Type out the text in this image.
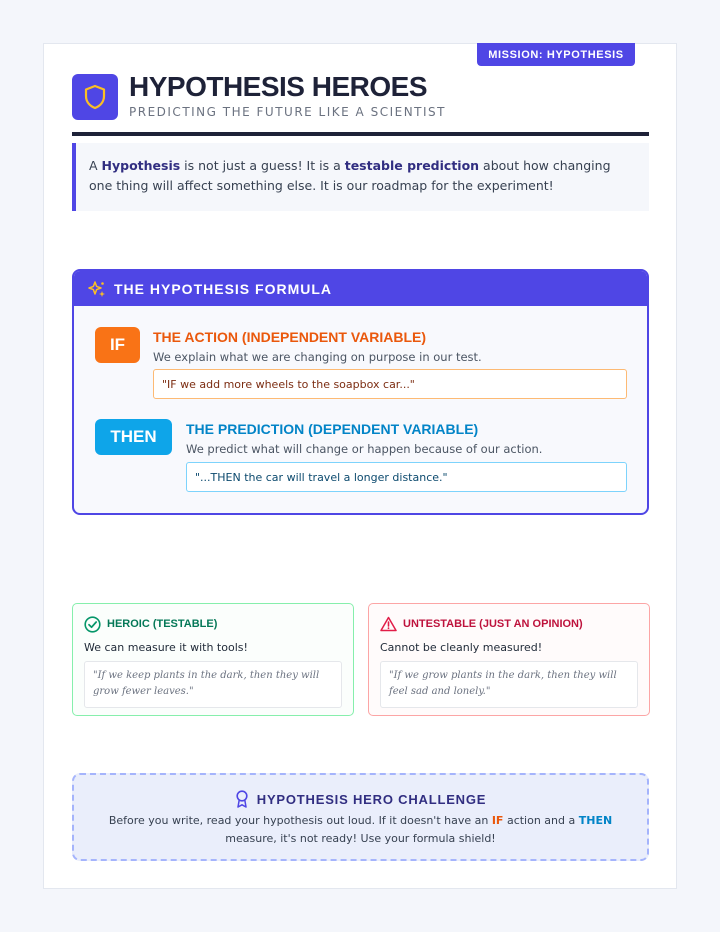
MISSION: HYPOTHESIS
HYPOTHESIS HEROES
PREDICTING THE FUTURE LIKE A SCIENTIST
A Hypothesis is not just a guess! It is a testable prediction about how changing one thing will affect something else. It is our roadmap for the experiment!
THE HYPOTHESIS FORMULA
IF	THE ACTION (INDEPENDENT VARIABLE)
We explain what we are changing on purpose in our test.
"IF we add more wheels to the soapbox car..."
THEN	THE PREDICTION (DEPENDENT VARIABLE)
We predict what will change or happen because of our action.
"...THEN the car will travel a longer distance."
HEROIC (TESTABLE)
We can measure it with tools!
"If we keep plants in the dark, then they will grow fewer leaves."
UNTESTABLE (JUST AN OPINION)
Cannot be cleanly measured!
"If we grow plants in the dark, then they will feel sad and lonely."
HYPOTHESIS HERO CHALLENGE
Before you write, read your hypothesis out loud. If it doesn't have an IF action and a THEN measure, it's not ready! Use your formula shield!
